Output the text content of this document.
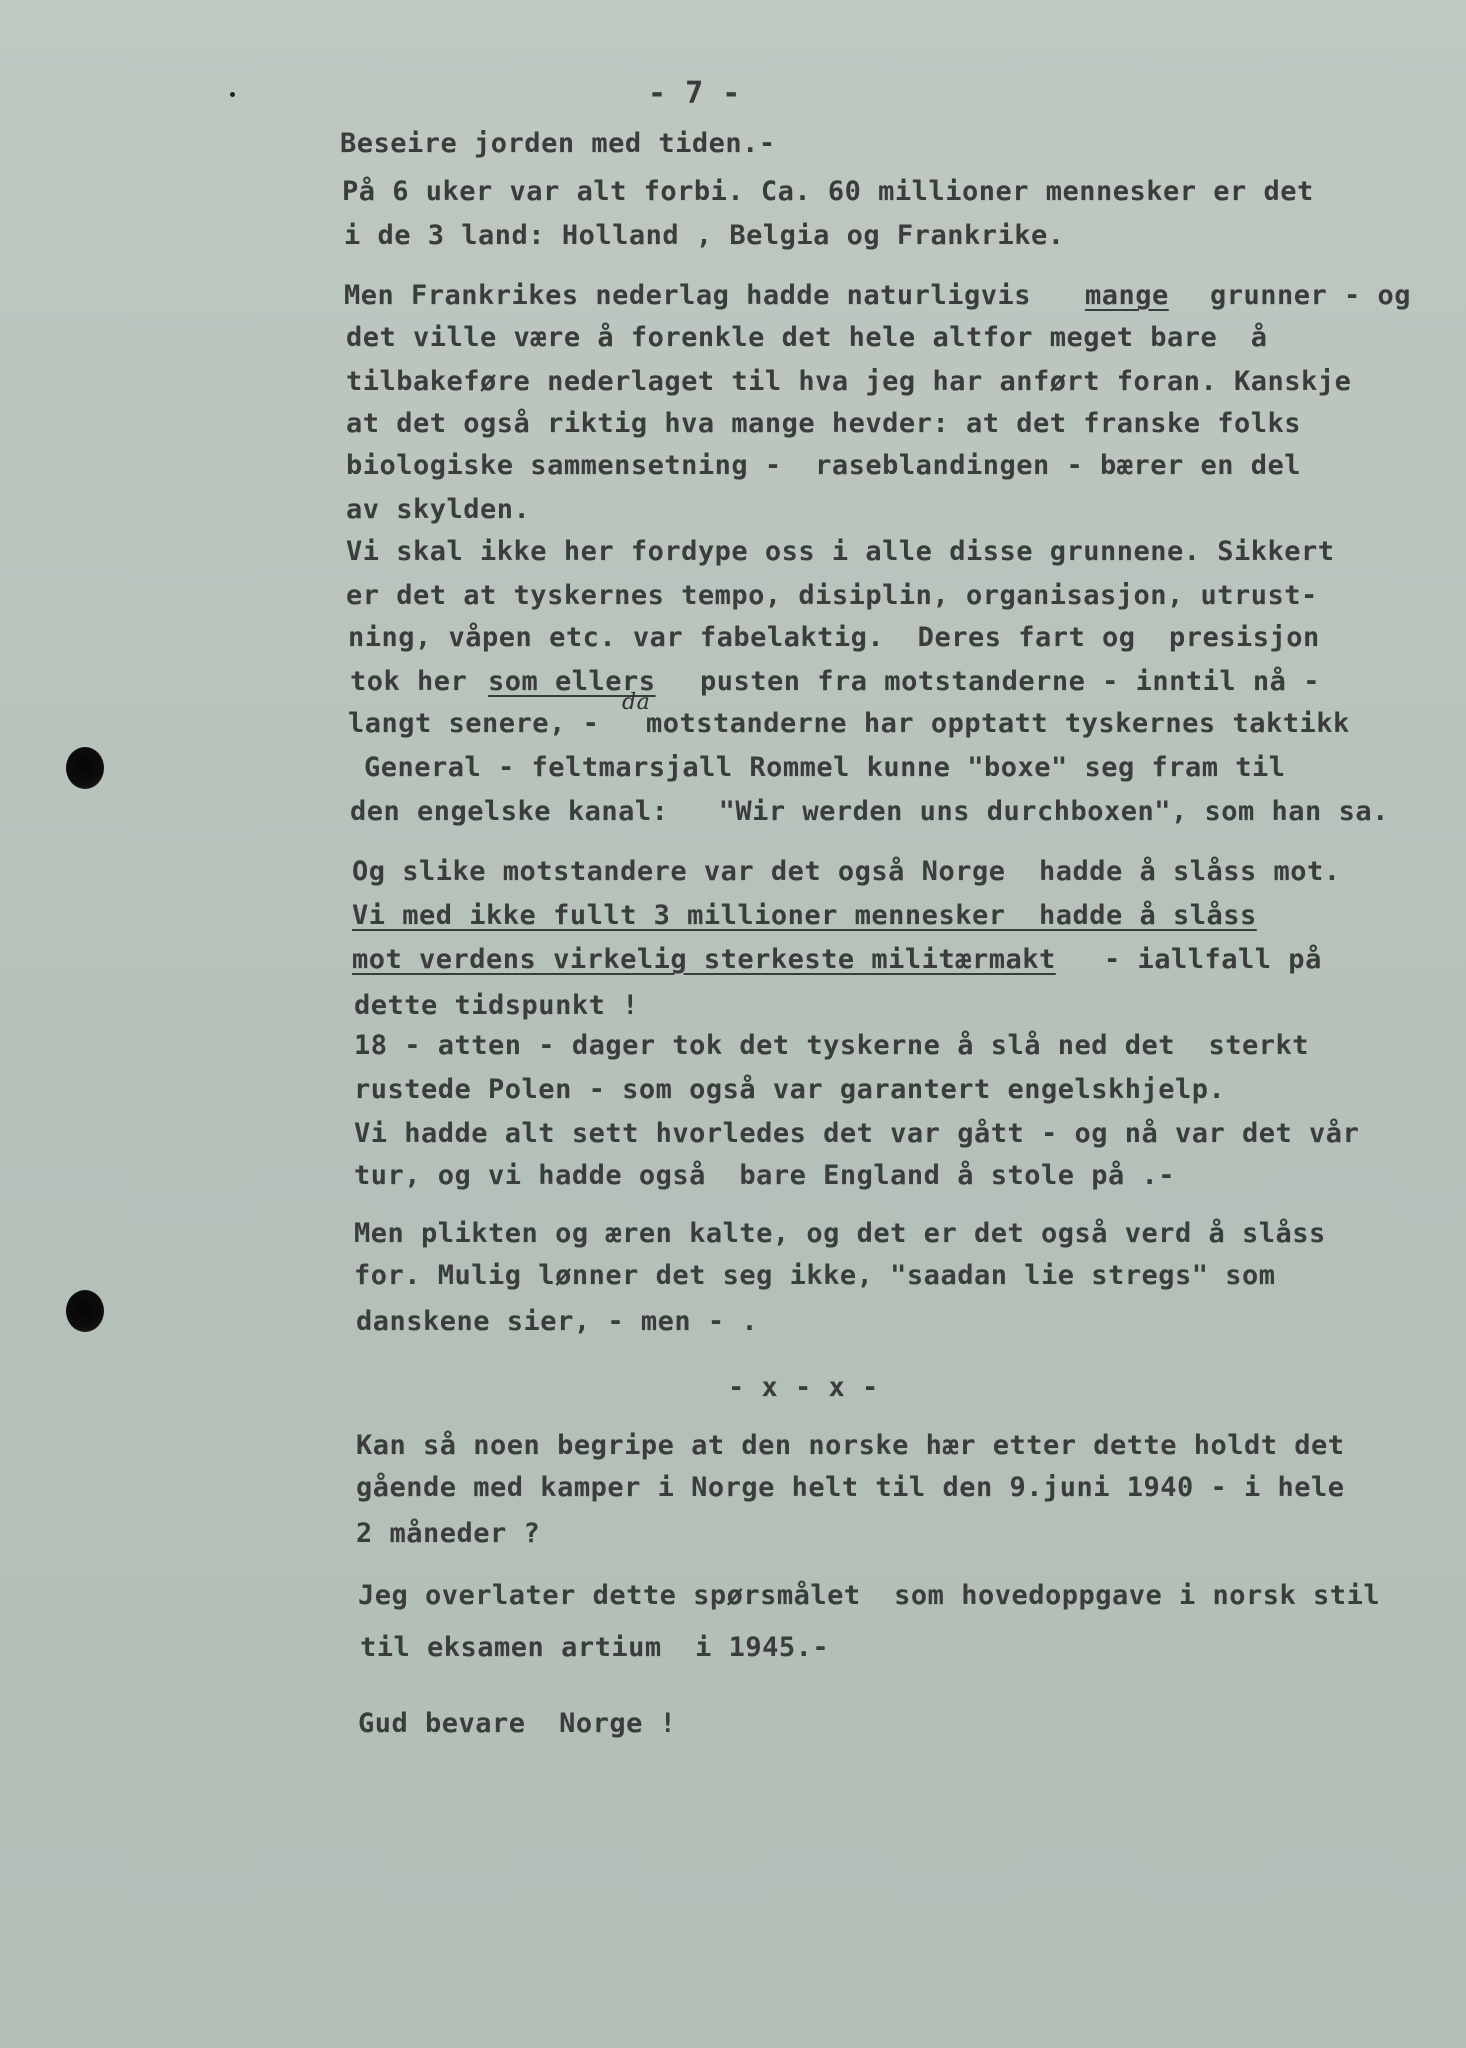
- 7 -

Beseire jorden med tiden.-

På 6 uker var alt forbi. Ca. 60 millioner mennesker er det

i de 3 land: Holland , Belgia og Frankrike.

Men Frankrikes nederlag hadde naturligvis

mange

grunner - og

det ville være å forenkle det hele altfor meget bare  å

tilbakeføre nederlaget til hva jeg har anført foran. Kanskje

at det også riktig hva mange hevder: at det franske folks

biologiske sammensetning -  raseblandingen - bærer en del

av skylden.

Vi skal ikke her fordype oss i alle disse grunnene. Sikkert

er det at tyskernes tempo, disiplin, organisasjon, utrust-

ning, våpen etc. var fabelaktig.  Deres fart og  presisjon

tok her

som ellers

pusten fra motstanderne - inntil nå -

langt senere, -

da

motstanderne har opptatt tyskernes taktikk

General - feltmarsjall Rommel kunne "boxe" seg fram til

den engelske kanal:   "Wir werden uns durchboxen", som han sa.

Og slike motstandere var det også Norge  hadde å slåss mot.

Vi med ikke fullt 3 millioner mennesker  hadde å slåss

mot verdens virkelig sterkeste militærmakt

- iallfall på

dette tidspunkt !

18 - atten - dager tok det tyskerne å slå ned det  sterkt

rustede Polen - som også var garantert engelskhjelp.

Vi hadde alt sett hvorledes det var gått - og nå var det vår

tur, og vi hadde også  bare England å stole på .-

Men plikten og æren kalte, og det er det også verd å slåss

for. Mulig lønner det seg ikke, "saadan lie stregs" som

danskene sier, - men - .

- x - x -

Kan så noen begripe at den norske hær etter dette holdt det

gående med kamper i Norge helt til den 9.juni 1940 - i hele

2 måneder ?

Jeg overlater dette spørsmålet  som hovedoppgave i norsk stil

til eksamen artium  i 1945.-

Gud bevare  Norge !
